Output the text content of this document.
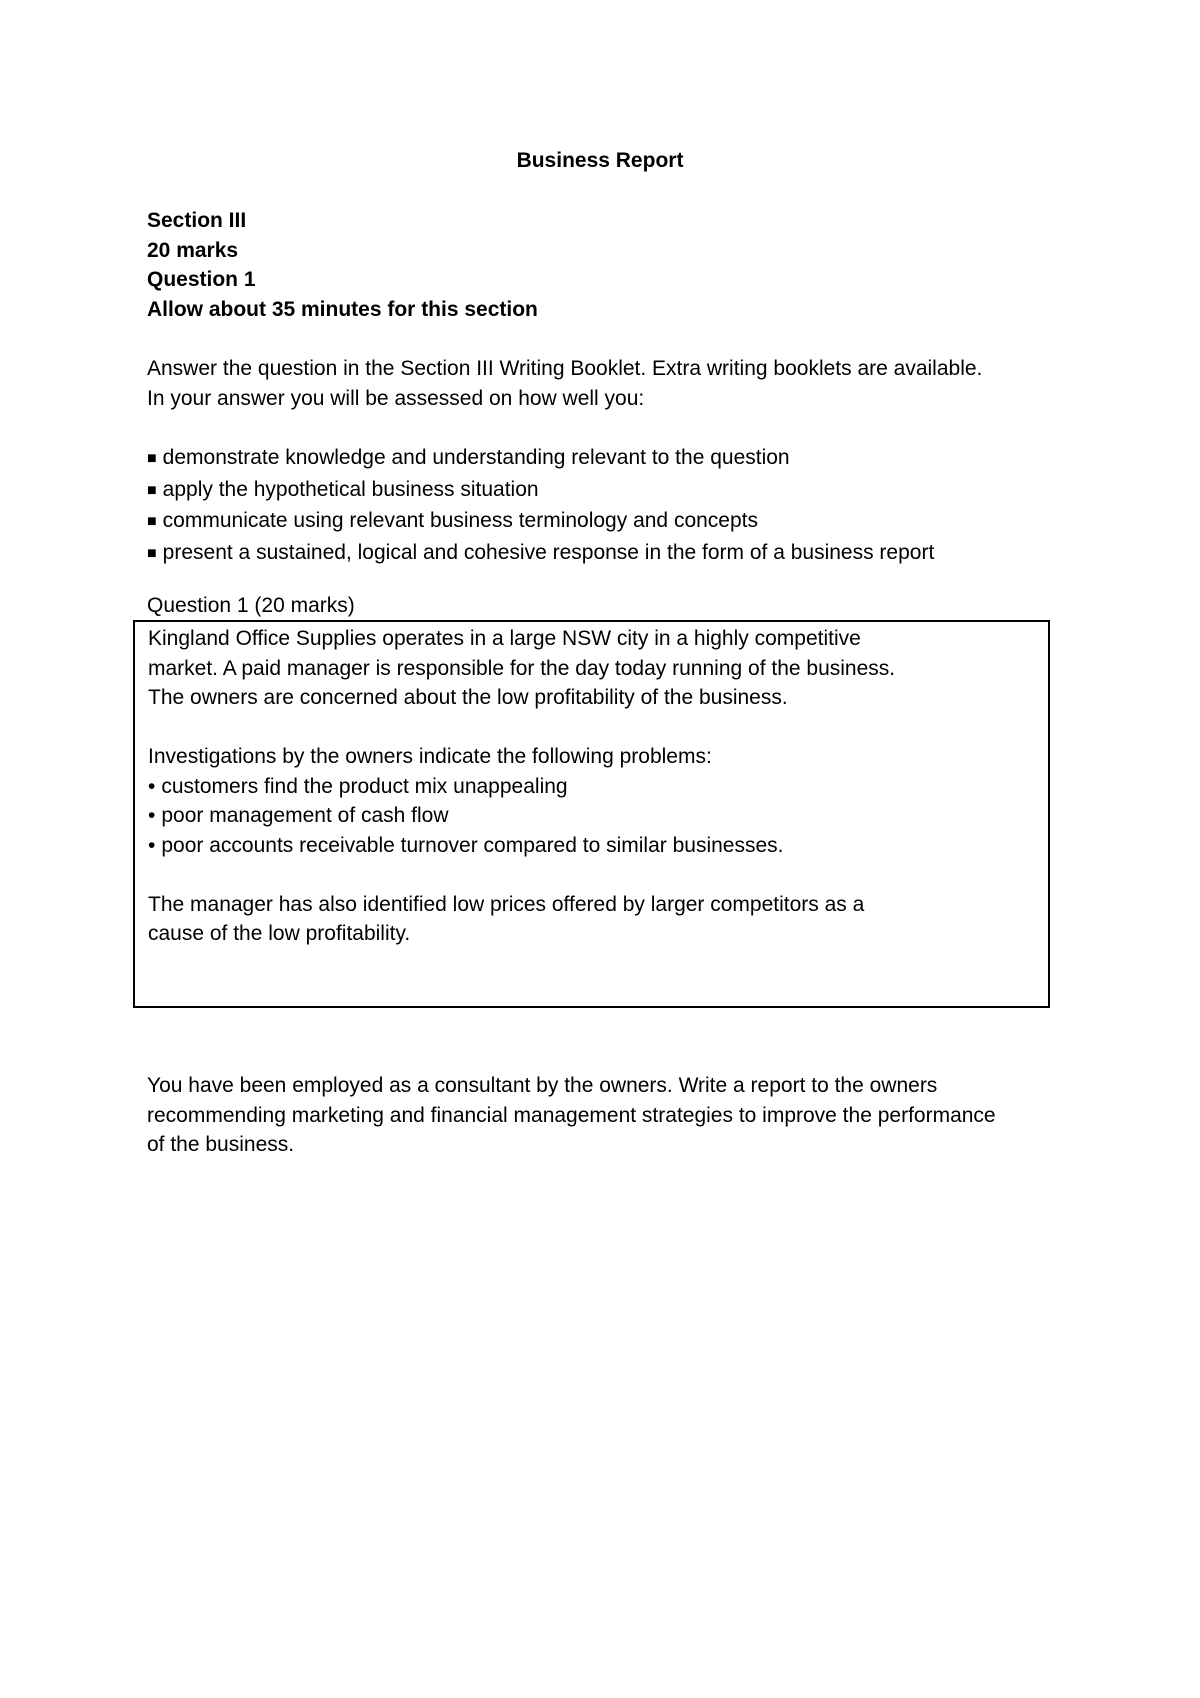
Business Report
Section III
20 marks
Question 1
Allow about 35 minutes for this section
Answer the question in the Section III Writing Booklet. Extra writing booklets are available.
In your answer you will be assessed on how well you:
■ demonstrate knowledge and understanding relevant to the question
■ apply the hypothetical business situation
■ communicate using relevant business terminology and concepts
■ present a sustained, logical and cohesive response in the form of a business report
Question 1 (20 marks)
Kingland Office Supplies operates in a large NSW city in a highly competitive
market. A paid manager is responsible for the day today running of the business.
The owners are concerned about the low profitability of the business.
Investigations by the owners indicate the following problems:
• customers find the product mix unappealing
• poor management of cash flow
• poor accounts receivable turnover compared to similar businesses.
The manager has also identified low prices offered by larger competitors as a
cause of the low profitability.
You have been employed as a consultant by the owners. Write a report to the owners
recommending marketing and financial management strategies to improve the performance
of the business.
